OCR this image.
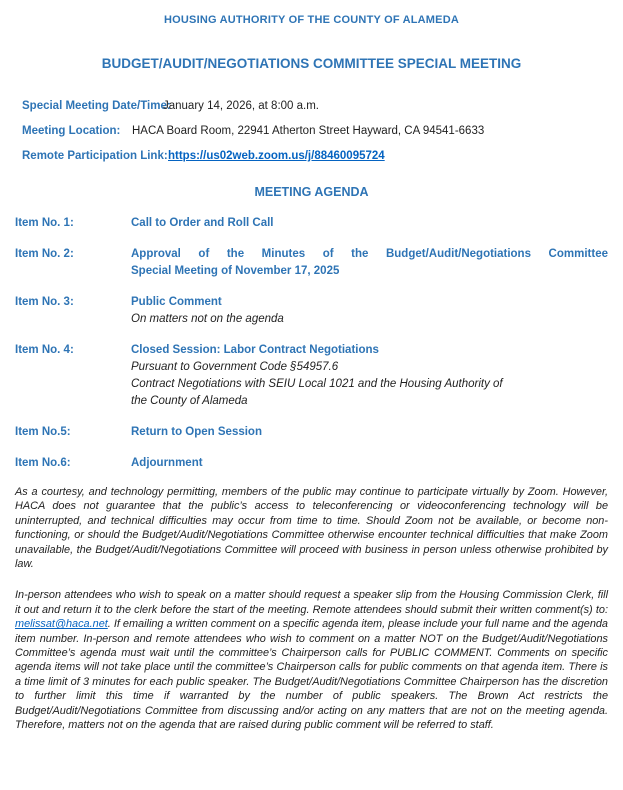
HOUSING AUTHORITY OF THE COUNTY OF ALAMEDA
BUDGET/AUDIT/NEGOTIATIONS COMMITTEE SPECIAL MEETING
Special Meeting Date/Time:January 14, 2026, at 8:00 a.m.
Meeting Location: HACA Board Room, 22941 Atherton Street Hayward, CA 94541-6633
Remote Participation Link:https://us02web.zoom.us/j/88460095724
MEETING AGENDA
Item No. 1:	Call to Order and Roll Call
Item No. 2:	Approval of the Minutes of the Budget/Audit/Negotiations Committee
Special Meeting of November 17, 2025
Item No. 3:	Public Comment
On matters not on the agenda
Item No. 4:	Closed Session: Labor Contract Negotiations
Pursuant to Government Code §54957.6
Contract Negotiations with SEIU Local 1021 and the Housing Authority of
the County of Alameda
Item No.5:	Return to Open Session
Item No.6:	Adjournment

As a courtesy, and technology permitting, members of the public may continue to participate virtually by Zoom. However, HACA does not guarantee that the public’s access to teleconferencing or videoconferencing technology will be uninterrupted, and technical difficulties may occur from time to time. Should Zoom not be available, or become non-functioning, or should the Budget/Audit/Negotiations Committee otherwise encounter technical difficulties that make Zoom unavailable, the Budget/Audit/Negotiations Committee will proceed with business in person unless otherwise prohibited by law.

In-person attendees who wish to speak on a matter should request a speaker slip from the Housing Commission Clerk, fill it out and return it to the clerk before the start of the meeting. Remote attendees should submit their written comment(s) to: melissat@haca.net. If emailing a written comment on a specific agenda item, please include your full name and the agenda item number. In-person and remote attendees who wish to comment on a matter NOT on the Budget/Audit/Negotiations Committee’s agenda must wait until the committee’s Chairperson calls for PUBLIC COMMENT. Comments on specific agenda items will not take place until the committee’s Chairperson calls for public comments on that agenda item. There is a time limit of 3 minutes for each public speaker. The Budget/Audit/Negotiations Committee Chairperson has the discretion to further limit this time if warranted by the number of public speakers. The Brown Act restricts the Budget/Audit/Negotiations Committee from discussing and/or acting on any matters that are not on the meeting agenda. Therefore, matters not on the agenda that are raised during public comment will be referred to staff.
